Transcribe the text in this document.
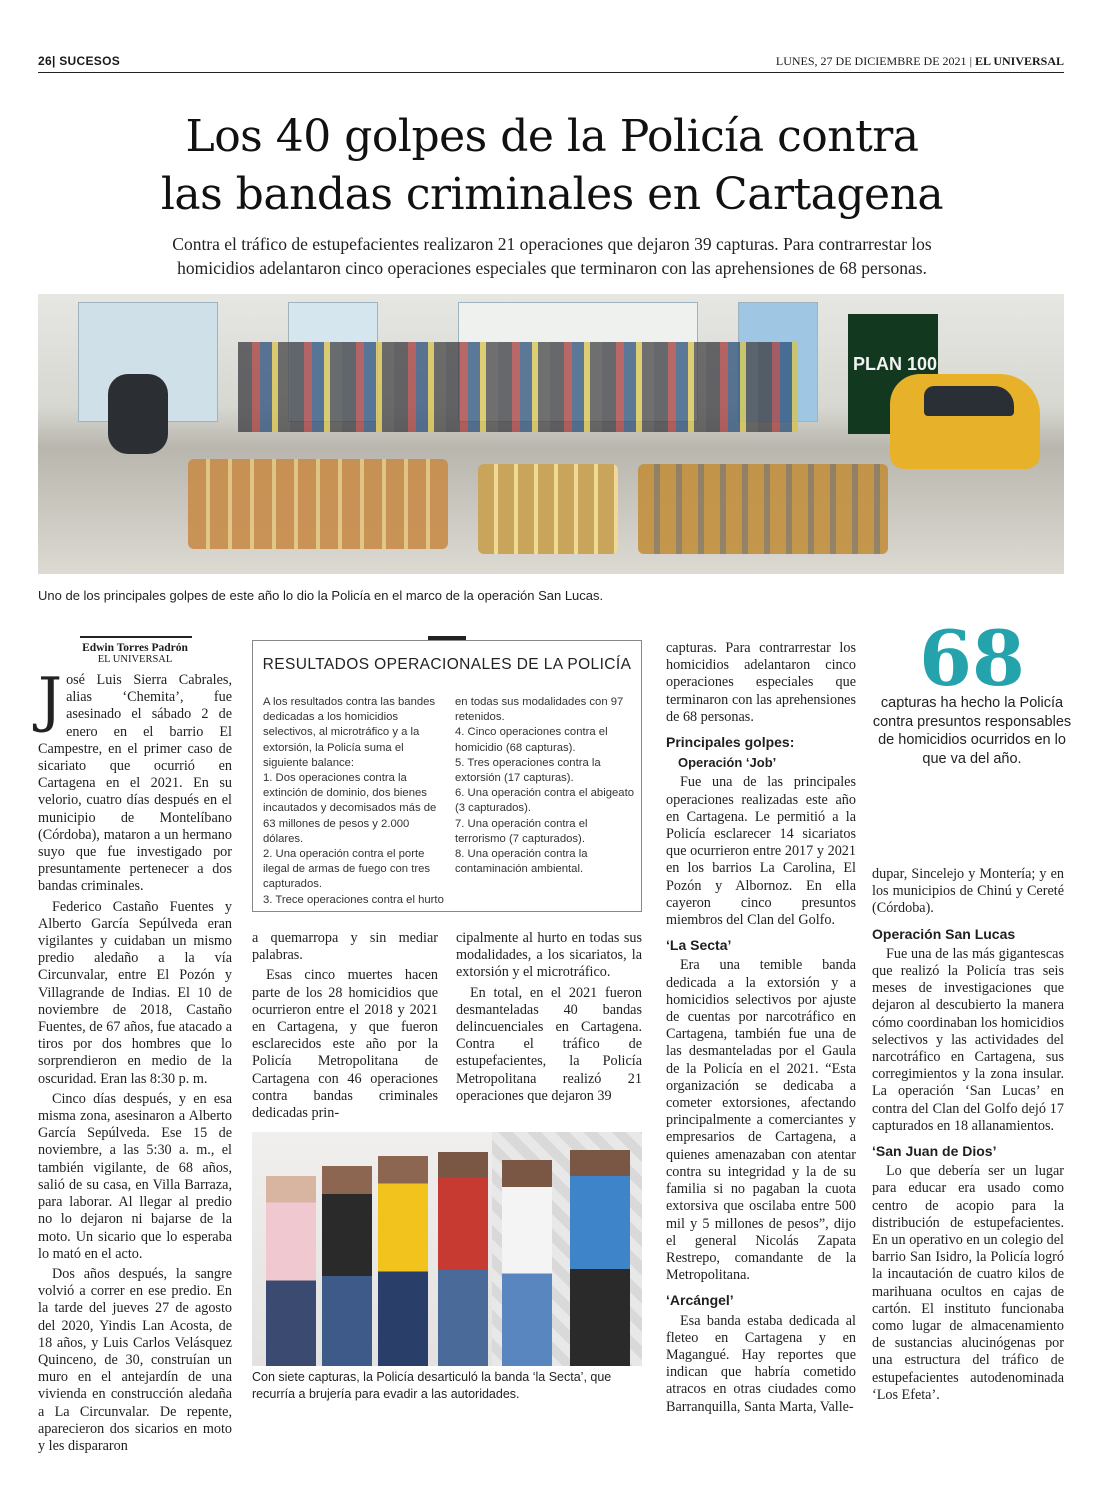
26| SUCESOS	LUNES, 27 DE DICIEMBRE DE 2021 | EL UNIVERSAL
Los 40 golpes de la Policía contra
las bandas criminales en Cartagena
Contra el tráfico de estupefacientes realizaron 21 operaciones que dejaron 39 capturas. Para contrarrestar los
homicidios adelantaron cinco operaciones especiales que terminaron con las aprehensiones de 68 personas.
PLAN 100
Uno de los principales golpes de este año lo dio la Policía en el marco de la operación San Lucas.
Edwin Torres Padrón
EL UNIVERSAL

José Luis Sierra Cabrales, alias ‘Chemita’, fue asesinado el sábado 2 de enero en el barrio El Campestre, en el primer caso de sicariato que ocurrió en Cartagena en el 2021. En su velorio, cuatro días después en el municipio de Montelíbano (Córdoba), mataron a un hermano suyo que fue investigado por presuntamente pertenecer a dos bandas criminales.

Federico Castaño Fuentes y Alberto García Sepúlveda eran vigilantes y cuidaban un mismo predio aledaño a la vía Circunvalar, entre El Pozón y Villagrande de Indias. El 10 de noviembre de 2018, Castaño Fuentes, de 67 años, fue atacado a tiros por dos hombres que lo sorprendieron en medio de la oscuridad. Eran las 8:30 p. m.

Cinco días después, y en esa misma zona, asesinaron a Alberto García Sepúlveda. Ese 15 de noviembre, a las 5:30 a. m., el también vigilante, de 68 años, salió de su casa, en Villa Barraza, para laborar. Al llegar al predio no lo dejaron ni bajarse de la moto. Un sicario que lo esperaba lo mató en el acto.

Dos años después, la sangre volvió a correr en ese predio. En la tarde del jueves 27 de agosto del 2020, Yindis Lan Acosta, de 18 años, y Luis Carlos Velásquez Quinceno, de 30, construían un muro en el antejardín de una vivienda en construcción aledaña a La Circunvalar. De repente, aparecieron dos sicarios en moto y les dispararon

RESULTADOS OPERACIONALES DE LA POLICÍA
A los resultados contra las bandes dedicadas a los homicidios selectivos, al microtráfico y a la extorsión, la Policía suma el siguiente balance:
1. Dos operaciones contra la extinción de dominio, dos bienes incautados y decomisados más de 63 millones de pesos y 2.000 dólares.
2. Una operación contra el porte ilegal de armas de fuego con tres capturados.
3. Trece operaciones contra el hurto
en todas sus modalidades con 97 retenidos.
4. Cinco operaciones contra el homicidio (68 capturas).
5. Tres operaciones contra la extorsión (17 capturas).
6. Una operación contra el abigeato (3 capturados).
7. Una operación contra el terrorismo (7 capturados).
8. Una operación contra la contaminación ambiental.

a quemarropa y sin mediar palabras.

Esas cinco muertes hacen parte de los 28 homicidios que ocurrieron entre el 2018 y 2021 en Cartagena, y que fueron esclarecidos este año por la Policía Metropolitana de Cartagena con 46 operaciones contra bandas criminales dedicadas prin-

cipalmente al hurto en todas sus modalidades, a los sicariatos, la extorsión y el microtráfico.

En total, en el 2021 fueron desmanteladas 40 bandas delincuenciales en Cartagena. Contra el tráfico de estupefacientes, la Policía Metropolitana realizó 21 operaciones que dejaron 39

Con siete capturas, la Policía desarticuló la banda ‘la Secta’, que recurría a brujería para evadir a las autoridades.

capturas. Para contrarrestar los homicidios adelantaron cinco operaciones especiales que terminaron con las aprehensiones de 68 personas.

Principales golpes:

Operación ‘Job’

Fue una de las principales operaciones realizadas este año en Cartagena. Le permitió a la Policía esclarecer 14 sicariatos que ocurrieron entre 2017 y 2021 en los barrios La Carolina, El Pozón y Albornoz. En ella cayeron cinco presuntos miembros del Clan del Golfo.

‘La Secta’

Era una temible banda dedicada a la extorsión y a homicidios selectivos por ajuste de cuentas por narcotráfico en Cartagena, también fue una de las desmanteladas por el Gaula de la Policía en el 2021. “Esta organización se dedicaba a cometer extorsiones, afectando principalmente a comerciantes y empresarios de Cartagena, a quienes amenazaban con atentar contra su integridad y la de su familia si no pagaban la cuota extorsiva que oscilaba entre 500 mil y 5 millones de pesos”, dijo el general Nicolás Zapata Restrepo, comandante de la Metropolitana.

‘Arcángel’

Esa banda estaba dedicada al fleteo en Cartagena y en Magangué. Hay reportes que indican que habría cometido atracos en otras ciudades como Barranquilla, Santa Marta, Valle-

68
capturas ha hecho la Policía contra presuntos responsables de homicidios ocurridos en lo que va del año.

dupar, Sincelejo y Montería; y en los municipios de Chinú y Cereté (Córdoba).

Operación San Lucas

Fue una de las más gigantescas que realizó la Policía tras seis meses de investigaciones que dejaron al descubierto la manera cómo coordinaban los homicidios selectivos y las actividades del narcotráfico en Cartagena, sus corregimientos y la zona insular. La operación ‘San Lucas’ en contra del Clan del Golfo dejó 17 capturados en 18 allanamientos.

‘San Juan de Dios’

Lo que debería ser un lugar para educar era usado como centro de acopio para la distribución de estupefacientes. En un operativo en un colegio del barrio San Isidro, la Policía logró la incautación de cuatro kilos de marihuana ocultos en cajas de cartón. El instituto funcionaba como lugar de almacenamiento de sustancias alucinógenas por una estructura del tráfico de estupefacientes autodenominada ‘Los Efeta’.
